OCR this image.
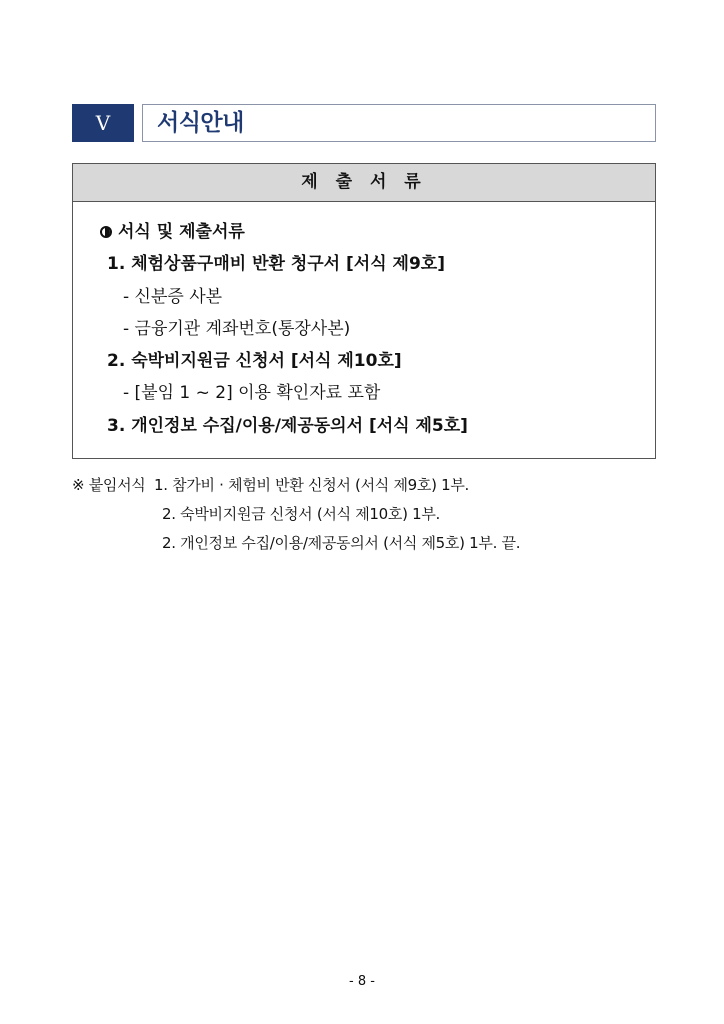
V	서식안내
제 출 서 류
서식 및 제출서류
1. 체험상품구매비 반환 청구서 [서식 제9호]
- 신분증 사본
- 금융기관 계좌번호(통장사본)
2. 숙박비지원금 신청서 [서식 제10호]
- [붙임 1 ~ 2] 이용 확인자료 포함
3. 개인정보 수집/이용/제공동의서 [서식 제5호]
※ 붙임서식 1. 참가비 · 체험비 반환 신청서 (서식 제9호) 1부.
2. 숙박비지원금 신청서 (서식 제10호) 1부.
2. 개인정보 수집/이용/제공동의서 (서식 제5호) 1부. 끝.
- 8 -
